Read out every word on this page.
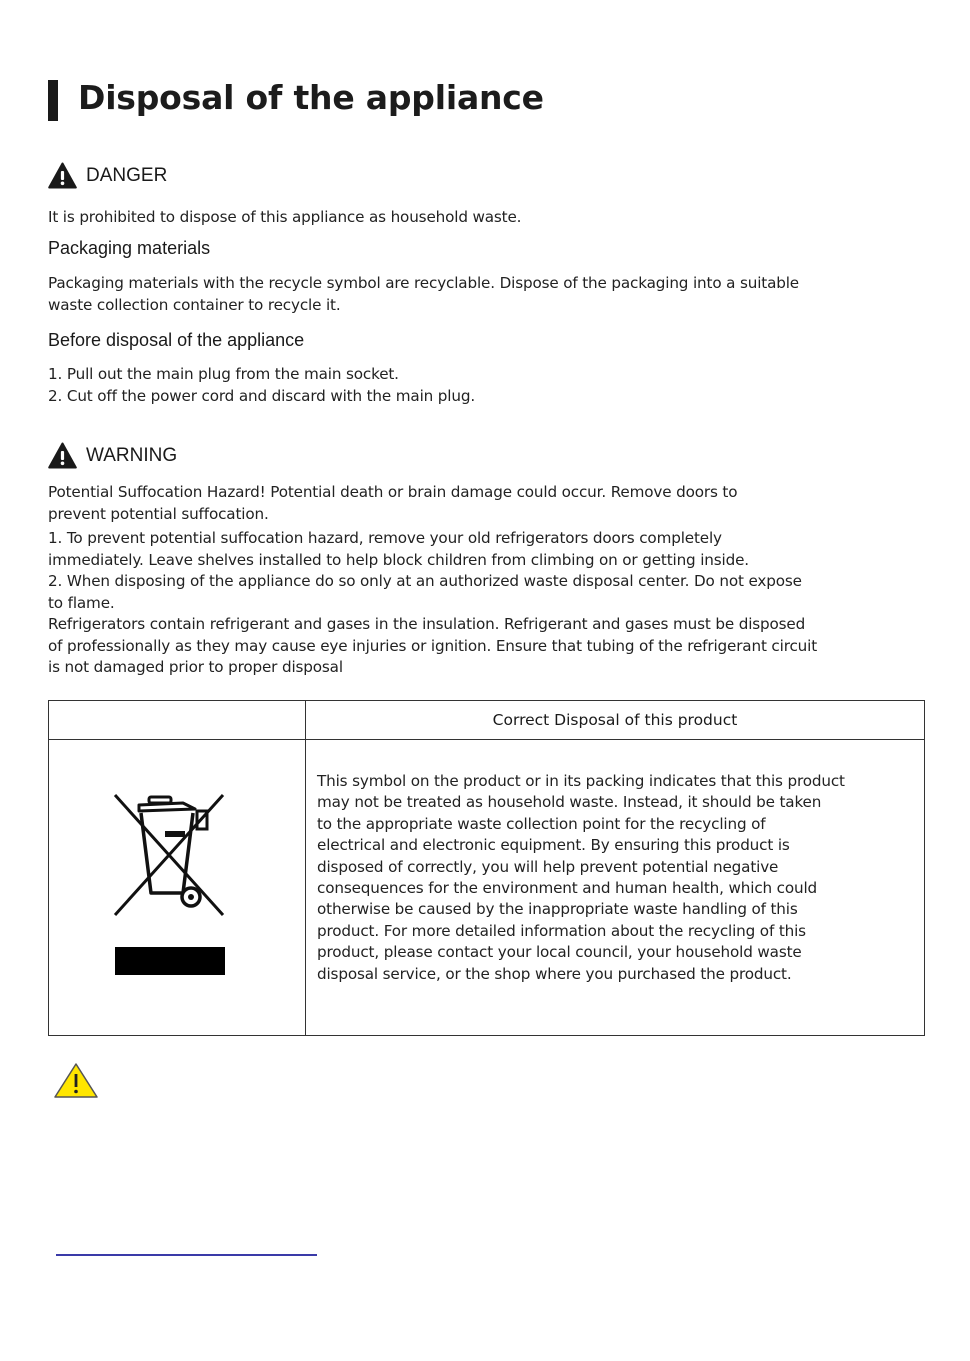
Disposal of the appliance
DANGER
It is prohibited to dispose of this appliance as household waste.
Packaging materials
Packaging materials with the recycle symbol are recyclable. Dispose of the packaging into a suitable
waste collection container to recycle it.
Before disposal of the appliance
1. Pull out the main plug from the main socket.
2. Cut off the power cord and discard with the main plug.
WARNING
Potential Suffocation Hazard! Potential death or brain damage could occur. Remove doors to
prevent potential suffocation.
1. To prevent potential suffocation hazard, remove your old refrigerators doors completely
immediately. Leave shelves installed to help block children from climbing on or getting inside.
2. When disposing of the appliance do so only at an authorized waste disposal center. Do not expose
to flame.
Refrigerators contain refrigerant and gases in the insulation. Refrigerant and gases must be disposed
of professionally as they may cause eye injuries or ignition. Ensure that tubing of the refrigerant circuit
is not damaged prior to proper disposal
Correct Disposal of this product
This symbol on the product or in its packing indicates that this product
may not be treated as household waste. Instead, it should be taken
to the appropriate waste collection point for the recycling of
electrical and electronic equipment. By ensuring this product is
disposed of correctly, you will help prevent potential negative
consequences for the environment and human health, which could
otherwise be caused by the inappropriate waste handling of this
product. For more detailed information about the recycling of this
product, please contact your local council, your household waste
disposal service, or the shop where you purchased the product.
